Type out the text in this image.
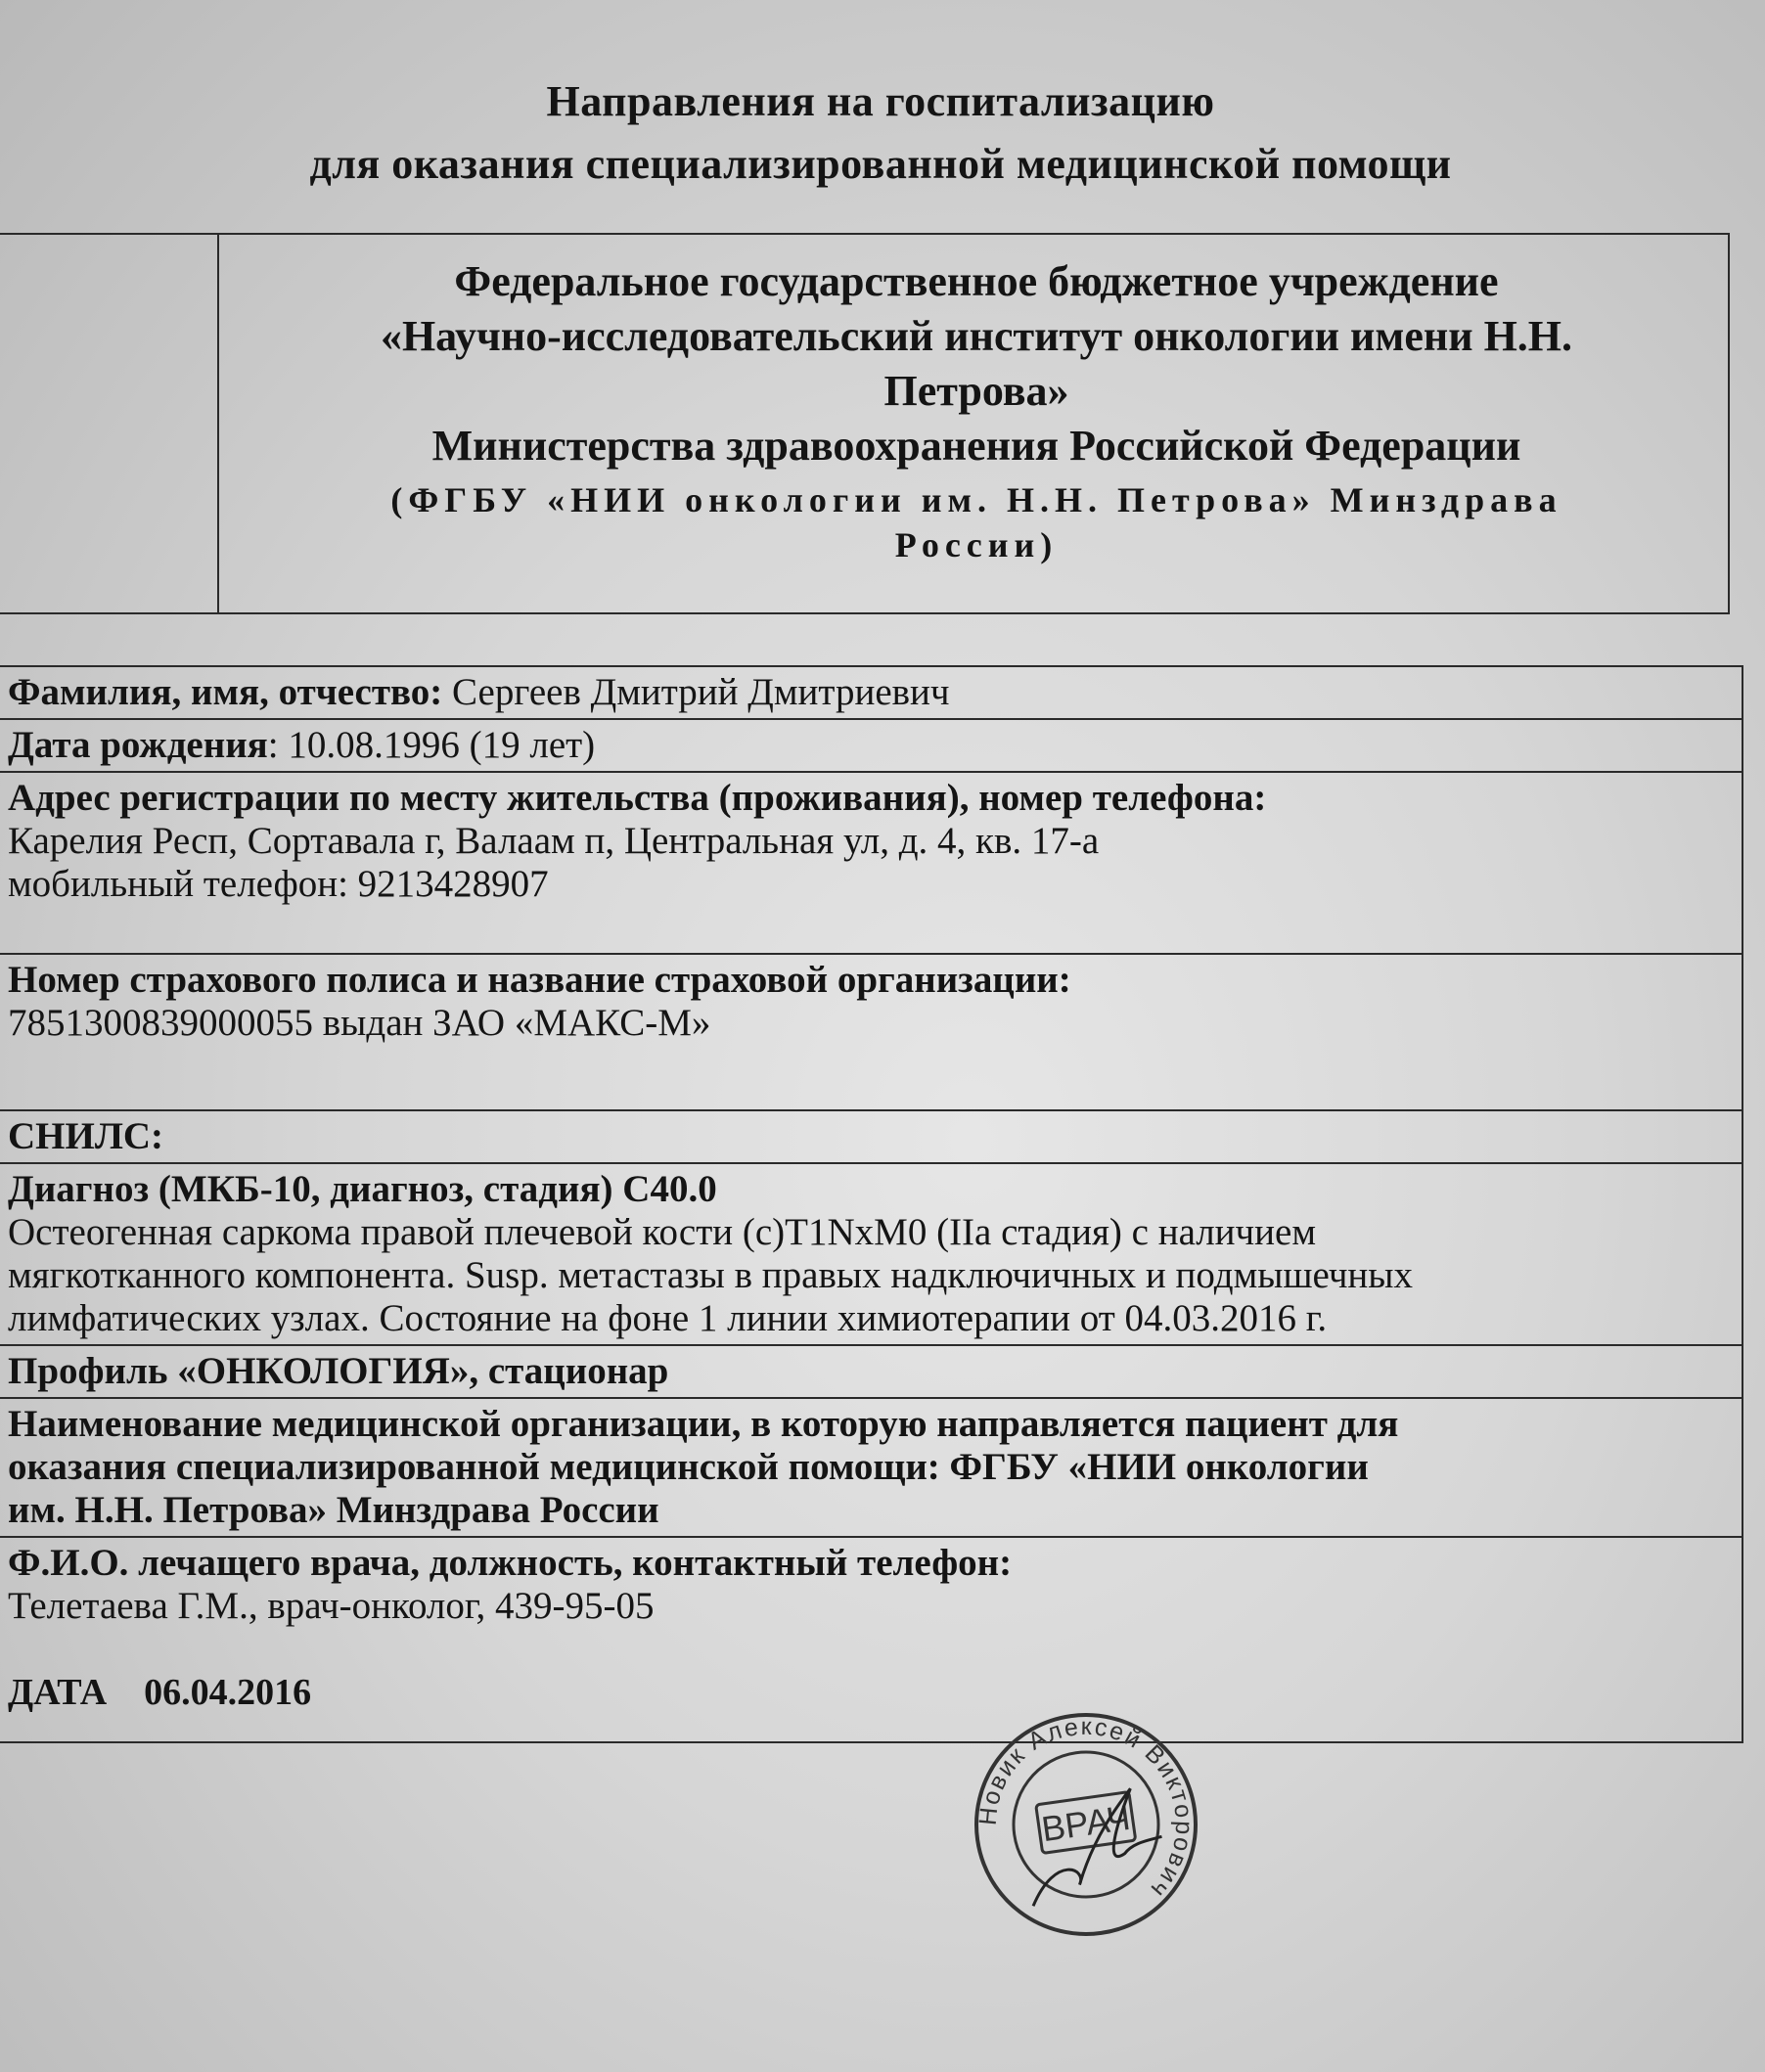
Направления на госпитализацию
для оказания специализированной медицинской помощи
Федеральное государственное бюджетное учреждение
«Научно-исследовательский институт онкологии имени Н.Н.
Петрова»
Министерства здравоохранения Российской Федерации
(ФГБУ «НИИ онкологии им. Н.Н. Петрова» Минздрава
России)
Фамилия, имя, отчество: Сергеев Дмитрий Дмитриевич
Дата рождения: 10.08.1996 (19 лет)
Адрес регистрации по месту жительства (проживания), номер телефона:
Карелия Респ, Сортавала г, Валаам п, Центральная ул, д. 4, кв. 17-а
мобильный телефон: 9213428907
Номер страхового полиса и название страховой организации:
7851300839000055 выдан ЗАО «МАКС-М»
СНИЛС:
Диагноз (МКБ-10, диагноз, стадия) С40.0
Остеогенная саркома правой плечевой кости (c)T1NxM0 (IIa стадия) с наличием
мягкотканного компонента. Susp. метастазы в правых надключичных и подмышечных
лимфатических узлах. Состояние на фоне 1 линии химиотерапии от 04.03.2016 г.
Профиль «ОНКОЛОГИЯ», стационар
Наименование медицинской организации, в которую направляется пациент для
оказания специализированной медицинской помощи: ФГБУ «НИИ онкологии
им. Н.Н. Петрова» Минздрава России
Ф.И.О. лечащего врача, должность, контактный телефон:
Телетаева Г.М., врач-онколог, 439-95-05
ДАТА 06.04.2016
ВРАЧ
Новик Алексей Викторович
